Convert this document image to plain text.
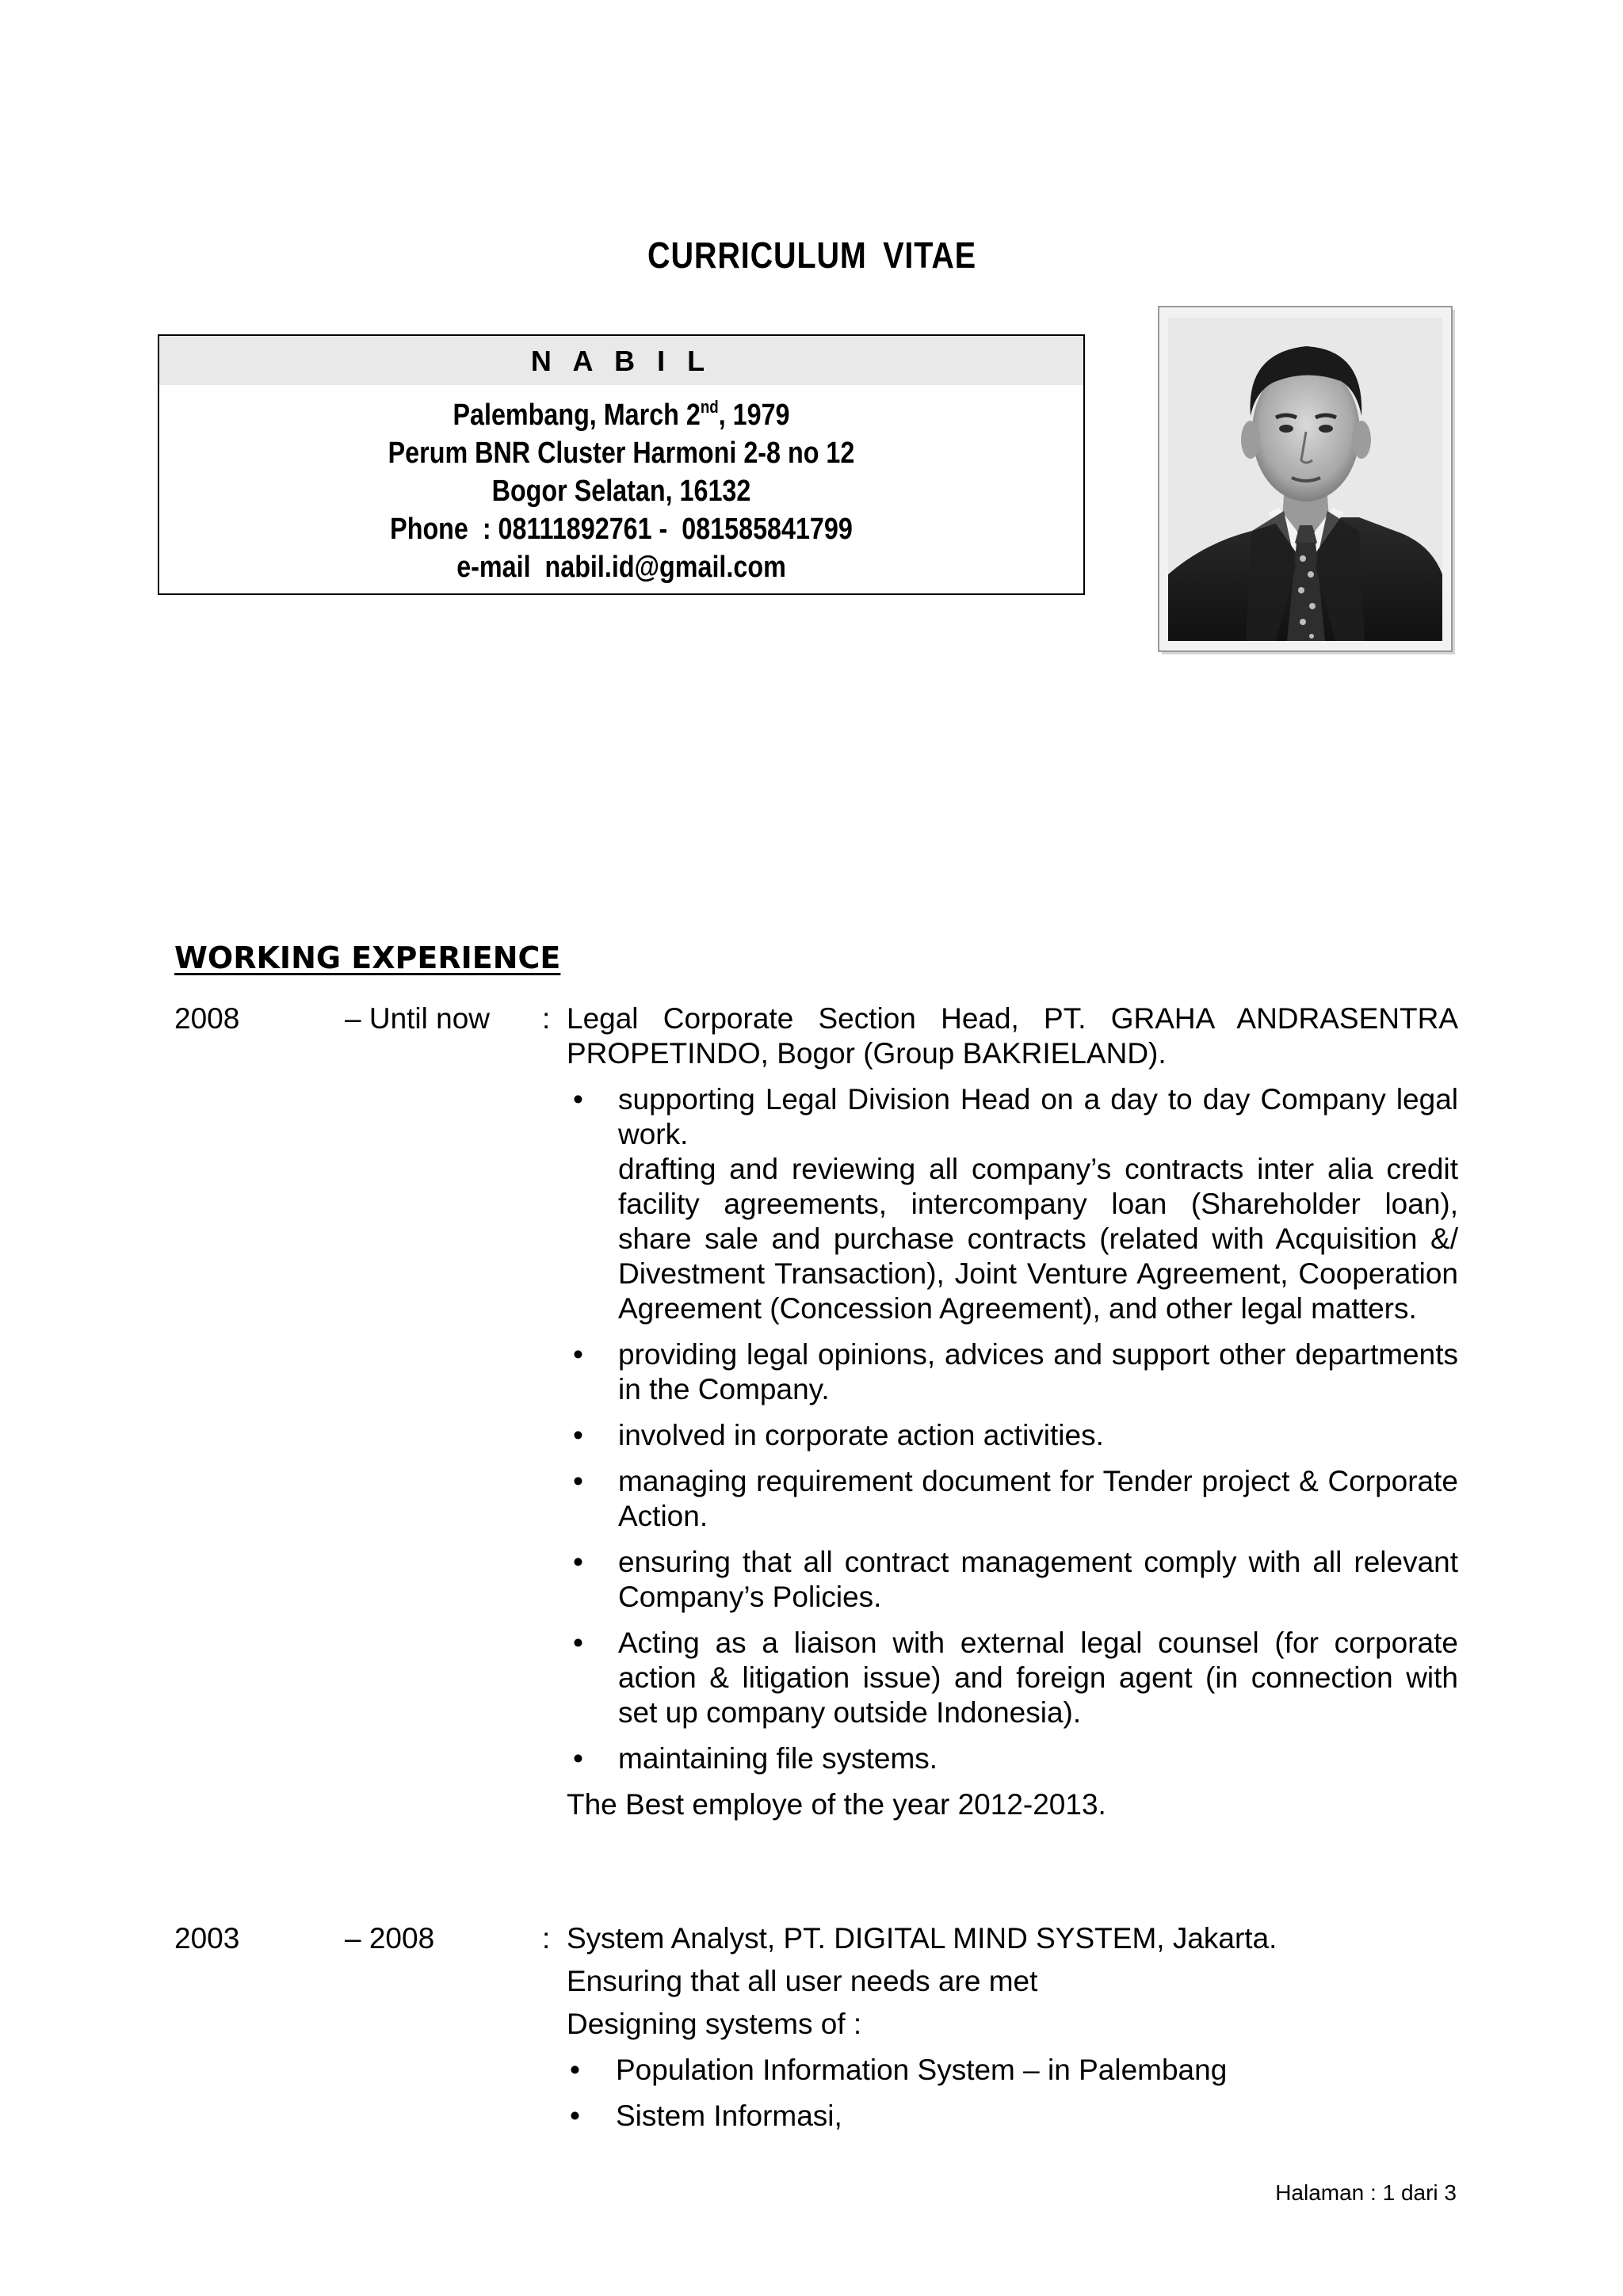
CURRICULUM VITAE
N A B I L
Palembang, March 2nd, 1979
Perum BNR Cluster Harmoni 2-8 no 12
Bogor Selatan, 16132
Phone  : 08111892761 -  081585841799
e-mail  nabil.id@gmail.com
WORKING EXPERIENCE
2008	– Until now : Legal Corporate Section Head, PT. GRAHA ANDRASENTRA PROPETINDO, Bogor (Group BAKRIELAND).

• supporting Legal Division Head on a day to day Company legal work.
drafting and reviewing all company’s contracts inter alia credit facility agreements, intercompany loan (Shareholder loan), share sale and purchase contracts (related with Acquisition &/ Divestment Transaction), Joint Venture Agreement, Cooperation Agreement (Concession Agreement), and other legal matters.
• providing legal opinions, advices and support other departments in the Company.
• involved in corporate action activities.
• managing requirement document for Tender project & Corporate Action.
• ensuring that all contract management comply with all relevant Company’s Policies.
• Acting as a liaison with external legal counsel (for corporate action & litigation issue) and foreign agent (in connection with set up company outside Indonesia).
• maintaining file systems.

The Best employe of the year 2012-2013.

2003	– 2008	: System Analyst, PT. DIGITAL MIND SYSTEM, Jakarta.

Ensuring that all user needs are met

Designing systems of :

• Population Information System – in Palembang
• Sistem Informasi,
Halaman : 1 dari 3
